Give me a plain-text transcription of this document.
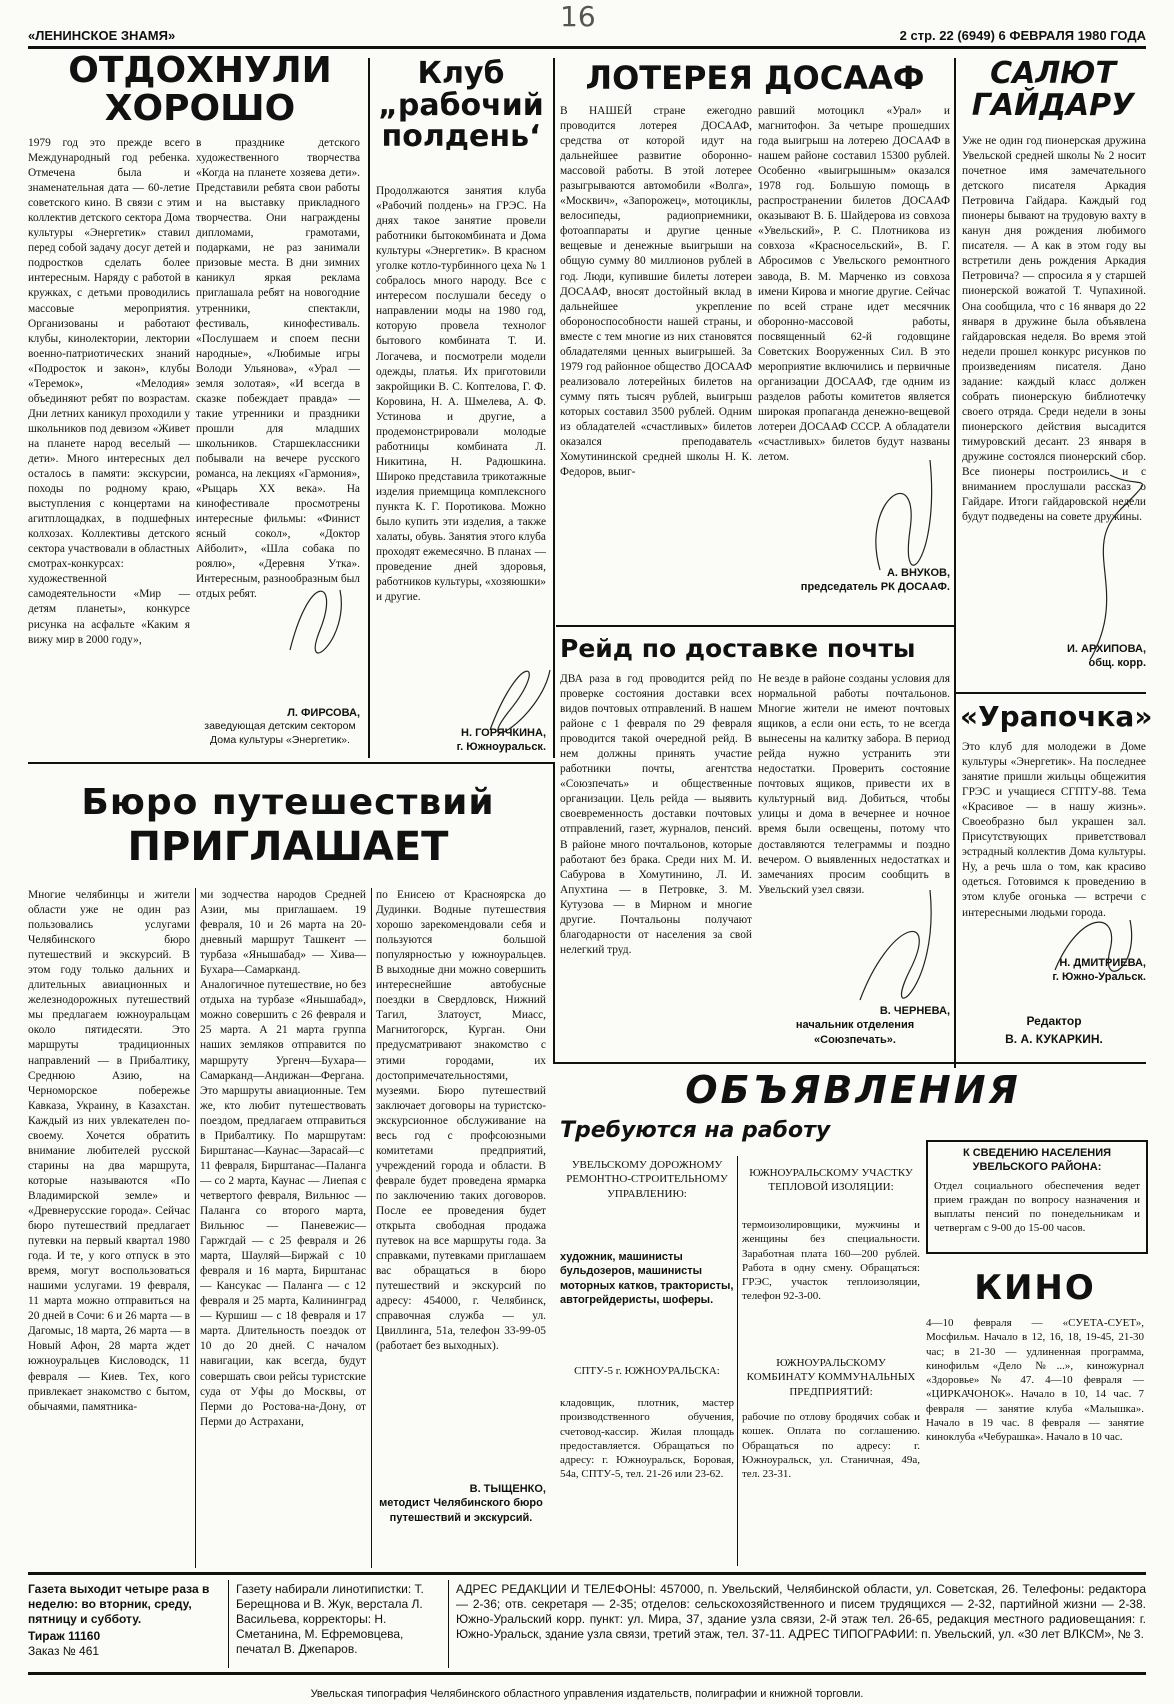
16
«ЛЕНИНСКОЕ ЗНАМЯ»	2 стр. 22 (6949) 6 ФЕВРАЛЯ 1980 ГОДА
ОТДОХНУЛИ
ХОРОШО
1979 год это прежде всего Международный год ребенка. Отмечена была и знаменательная дата — 60-летие советского кино. В связи с этим коллектив детского сектора Дома культуры «Энергетик» ставил перед собой задачу досуг детей и подростков сделать более интересным. Наряду с работой в кружках, с детьми проводились массовые мероприятия. Организованы и работают клубы, кинолектории, лектории военно-патриотических знаний «Подросток и закон», клубы «Теремок», «Мелодия» объединяют ребят по возрастам. Дни летних каникул проходили у школьников под девизом «Живет на планете народ веселый — дети». Много интересных дел осталось в памяти: экскурсии, походы по родному краю, выступления с концертами на агитплощадках, в подшефных колхозах. Коллективы детского сектора участвовали в областных смотрах-конкурсах: художественной самодеятельности «Мир — детям планеты», конкурсе рисунка на асфальте «Каким я вижу мир в 2000 году»,
в празднике детского художественного творчества «Когда на планете хозяева дети». Представили ребята свои работы и на выставку прикладного творчества. Они награждены дипломами, грамотами, подарками, не раз занимали призовые места. В дни зимних каникул яркая реклама приглашала ребят на новогодние утренники, спектакли, фестиваль, кинофестиваль. «Послушаем и споем песни народные», «Любимые игры Володи Ульянова», «Урал — земля золотая», «И всегда в сказке побеждает правда» — такие утренники и праздники прошли для младших школьников. Старшеклассники побывали на вечере русского романса, на лекциях «Гармония», «Рыцарь XX века». На кинофестивале просмотрены интересные фильмы: «Финист ясный сокол», «Доктор Айболит», «Шла собака по роялю», «Деревня Утка». Интересным, разнообразным был отдых ребят.
Л. ФИРСОВА,
заведующая детским сектором Дома культуры «Энергетик».
Клуб
„рабочий
полдень‘
Продолжаются занятия клуба «Рабочий полдень» на ГРЭС. На днях такое занятие провели работники бытокомбината и Дома культуры «Энергетик». В красном уголке котло-турбинного цеха № 1 собралось много народу. Все с интересом послушали беседу о направлении моды на 1980 год, которую провела технолог бытового комбината Т. И. Логачева, и посмотрели модели одежды, платья. Их приготовили закройщики В. С. Коптелова, Г. Ф. Коровина, Н. А. Шмелева, А. Ф. Устинова и другие, а продемонстрировали молодые работницы комбината Л. Никитина, Н. Радюшкина. Широко представила трикотажные изделия приемщица комплексного пункта К. Г. Поротикова. Можно было купить эти изделия, а также халаты, обувь. Занятия этого клуба проходят ежемесячно. В планах — проведение дней здоровья, работников культуры, «хозяюшки» и другие.
Н. ГОРЯЧКИНА,
г. Южноуральск.
ЛОТЕРЕЯ ДОСААФ
В НАШЕЙ стране ежегодно проводится лотерея ДОСААФ, средства от которой идут на дальнейшее развитие оборонно-массовой работы. В этой лотерее разыгрываются автомобили «Волга», «Москвич», «Запорожец», мотоциклы, велосипеды, радиоприемники, фотоаппараты и другие ценные вещевые и денежные выигрыши на общую сумму 80 миллионов рублей в год. Люди, купившие билеты лотереи ДОСААФ, вносят достойный вклад в дальнейшее укрепление обороноспособности нашей страны, и вместе с тем многие из них становятся обладателями ценных выигрышей. За 1979 год районное общество ДОСААФ реализовало лотерейных билетов на сумму пять тысяч рублей, выигрыш которых составил 3500 рублей. Одним из обладателей «счастливых» билетов оказался преподаватель Хомутининской средней школы Н. К. Федоров, выиг-
равший мотоцикл «Урал» и магнитофон. За четыре прошедших года выигрыш на лотерею ДОСААФ в нашем районе составил 15300 рублей. Особенно «выигрышным» оказался 1978 год. Большую помощь в распространении билетов ДОСААФ оказывают В. Б. Шайдерова из совхоза «Увельский», Р. С. Плотникова из совхоза «Красносельский», В. Г. Абросимов с Увельского ремонтного завода, В. М. Марченко из совхоза имени Кирова и многие другие. Сейчас по всей стране идет месячник оборонно-массовой работы, посвященный 62-й годовщине Советских Вооруженных Сил. В это мероприятие включились и первичные организации ДОСААФ, где одним из разделов работы комитетов является широкая пропаганда денежно-вещевой лотереи ДОСААФ СССР. А обладатели «счастливых» билетов будут названы летом.
А. ВНУКОВ,
председатель РК ДОСААФ.
САЛЮТ
ГАЙДАРУ
Уже не один год пионерская дружина Увельской средней школы № 2 носит почетное имя замечательного детского писателя Аркадия Петровича Гайдара. Каждый год пионеры бывают на трудовую вахту в канун дня рождения любимого писателя. — А как в этом году вы встретили день рождения Аркадия Петровича? — спросила я у старшей пионерской вожатой Т. Чупахиной. Она сообщила, что с 16 января до 22 января в дружине была объявлена гайдаровская неделя. Во время этой недели прошел конкурс рисунков по произведениям писателя. Дано задание: каждый класс должен собрать пионерскую библиотечку своего отряда. Среди недели в зоны пионерского действия высадится тимуровский десант. 23 января в дружине состоялся пионерский сбор. Все пионеры построились и с вниманием прослушали рассказ о Гайдаре. Итоги гайдаровской недели будут подведены на совете дружины.
И. АРХИПОВА,
общ. корр.
«Урапочка»
Это клуб для молодежи в Доме культуры «Энергетик». На последнее занятие пришли жильцы общежития ГРЭС и учащиеся СГПТУ-88. Тема «Красивое — в нашу жизнь». Своеобразно был украшен зал. Присутствующих приветствовал эстрадный коллектив Дома культуры. Ну, а речь шла о том, как красиво одеться. Готовимся к проведению в этом клубе огонька — встречи с интересными людьми города.
Н. ДМИТРИЕВА,
г. Южно-Уральск.
Редактор
В. А. КУКАРКИН.
Рейд по доставке почты
ДВА раза в год проводится рейд по проверке состояния доставки всех видов почтовых отправлений. В нашем районе с 1 февраля по 29 февраля проводится такой очередной рейд. В нем должны принять участие работники почты, агентства «Союзпечать» и общественные организации. Цель рейда — выявить своевременность доставки почтовых отправлений, газет, журналов, пенсий. В районе много почтальонов, которые работают без брака. Среди них М. И. Сабурова в Хомутинино, Л. И. Апухтина — в Петровке, З. М. Кутузова — в Мирном и многие другие. Почтальоны получают благодарности от населения за свой нелегкий труд.
Не везде в районе созданы условия для нормальной работы почтальонов. Многие жители не имеют почтовых ящиков, а если они есть, то не всегда вынесены на калитку забора. В период рейда нужно устранить эти недостатки. Проверить состояние почтовых ящиков, привести их в культурный вид. Добиться, чтобы улицы и дома в вечернее и ночное время были освещены, потому что доставляются телеграммы и поздно вечером. О выявленных недостатках и замечаниях просим сообщить в Увельский узел связи.
В. ЧЕРНЕВА,
начальник отделения «Союзпечать».
Бюро путешествий
ПРИГЛАШАЕТ
Многие челябинцы и жители области уже не один раз пользовались услугами Челябинского бюро путешествий и экскурсий. В этом году только дальних и длительных авиационных и железнодорожных путешествий мы предлагаем южноуральцам около пятидесяти. Это маршруты традиционных направлений — в Прибалтику, Среднюю Азию, на Черноморское побережье Кавказа, Украину, в Казахстан. Каждый из них увлекателен по-своему. Хочется обратить внимание любителей русской старины на два маршрута, которые называются «По Владимирской земле» и «Древнерусские города». Сейчас бюро путешествий предлагает путевки на первый квартал 1980 года. И те, у кого отпуск в это время, могут воспользоваться нашими услугами. 19 февраля, 11 марта можно отправиться на 20 дней в Сочи: 6 и 26 марта — в Дагомыс, 18 марта, 26 марта — в Новый Афон, 28 марта ждет южноуральцев Кисловодск, 11 февраля — Киев. Тех, кого привлекает знакомство с бытом, обычаями, памятника-
ми зодчества народов Средней Азии, мы приглашаем. 19 февраля, 10 и 26 марта на 20-дневный маршрут Ташкент — турбаза «Янышабад» — Хива—Бухара—Самарканд. Аналогичное путешествие, но без отдыха на турбазе «Янышабад», можно совершить с 26 февраля и 25 марта. А 21 марта группа наших земляков отправится по маршруту Ургенч—Бухара—Самарканд—Андижан—Фергана. Это маршруты авиационные. Тем же, кто любит путешествовать поездом, предлагаем отправиться в Прибалтику. По маршрутам: Бирштанас—Каунас—Зарасай—с 11 февраля, Бирштанас—Паланга — со 2 марта, Каунас — Лиепая с четвертого февраля, Вильнюс — Паланга со второго марта, Вильнюс — Паневежис—Гаржгдай — с 25 февраля и 26 марта, Шауляй—Биржай с 10 февраля и 16 марта, Бирштанас — Кансукас — Паланга — с 12 февраля и 25 марта, Калининград — Куршиш — с 18 февраля и 17 марта. Длительность поездок от 10 до 20 дней. С началом навигации, как всегда, будут совершать свои рейсы туристские суда от Уфы до Москвы, от Перми до Ростова-на-Дону, от Перми до Астрахани,
по Енисею от Красноярска до Дудинки. Водные путешествия хорошо зарекомендовали себя и пользуются большой популярностью у южноуральцев. В выходные дни можно совершить интереснейшие автобусные поездки в Свердловск, Нижний Тагил, Златоуст, Миасс, Магнитогорск, Курган. Они предусматривают знакомство с этими городами, их достопримечательностями, музеями. Бюро путешествий заключает договоры на туристско-экскурсионное обслуживание на весь год с профсоюзными комитетами предприятий, учреждений города и области. В феврале будет проведена ярмарка по заключению таких договоров. После ее проведения будет открыта свободная продажа путевок на все маршруты года. За справками, путевками приглашаем вас обращаться в бюро путешествий и экскурсий по адресу: 454000, г. Челябинск, справочная служба — ул. Цвиллинга, 51а, телефон 33-99-05 (работает без выходных).
В. ТЫЩЕНКО,
методист Челябинского бюро путешествий и экскурсий.
ОБЪЯВЛЕНИЯ
Требуются на работу
УВЕЛЬСКОМУ ДОРОЖНОМУ РЕМОНТНО-СТРОИТЕЛЬНОМУ УПРАВЛЕНИЮ:
художник, машинисты бульдозеров, машинисты моторных катков, трактористы, автогрейдеристы, шоферы.
СПТУ-5 г. ЮЖНОУРАЛЬСКА:
кладовщик, плотник, мастер производственного обучения, счетовод-кассир. Жилая площадь предоставляется. Обращаться по адресу: г. Южноуральск, Боровая, 54а, СПТУ-5, тел. 21-26 или 23-62.
ЮЖНОУРАЛЬСКОМУ УЧАСТКУ ТЕПЛОВОЙ ИЗОЛЯЦИИ:
термоизолировщики, мужчины и женщины без специальности. Заработная плата 160—200 рублей. Работа в одну смену. Обращаться: ГРЭС, участок теплоизоляции, телефон 92-3-00.
ЮЖНОУРАЛЬСКОМУ КОМБИНАТУ КОММУНАЛЬНЫХ ПРЕДПРИЯТИЙ:
рабочие по отлову бродячих собак и кошек. Оплата по соглашению. Обращаться по адресу: г. Южноуральск, ул. Станичная, 49а, тел. 23-31.
К СВЕДЕНИЮ НАСЕЛЕНИЯ УВЕЛЬСКОГО РАЙОНА:
Отдел социального обеспечения ведет прием граждан по вопросу назначения и выплаты пенсий по понедельникам и четвергам с 9-00 до 15-00 часов.
КИНО
4—10 февраля — «СУЕТА-СУЕТ», Мосфильм. Начало в 12, 16, 18, 19-45, 21-30 час; в 21-30 — удлиненная программа, кинофильм «Дело №...», киножурнал «Здоровье» № 47. 4—10 февраля — «ЦИРКАЧОНОК». Начало в 10, 14 час. 7 февраля — занятие клуба «Малышка». Начало в 19 час. 8 февраля — занятие киноклуба «Чебурашка». Начало в 10 час.
Газета выходит четыре раза в неделю: во вторник, среду, пятницу и субботу.
Тираж 11160
Заказ № 461
Газету набирали линотипистки: Т. Берещнова и В. Жук, верстала Л. Васильева, корректоры: Н. Сметанина, М. Ефремовцева, печатал В. Джепаров.
АДРЕС РЕДАКЦИИ И ТЕЛЕФОНЫ: 457000, п. Увельский, Челябинской области, ул. Советская, 26. Телефоны: редактора — 2-36; отв. секретаря — 2-35; отделов: сельскохозяйственного и писем трудящихся — 2-32, партийной жизни — 2-38. Южно-Уральский корр. пункт: ул. Мира, 37, здание узла связи, 2-й этаж тел. 26-65, редакция местного радиовещания: г. Южно-Уральск, здание узла связи, третий этаж, тел. 37-11. АДРЕС ТИПОГРАФИИ: п. Увельский, ул. «30 лет ВЛКСМ», № 3.
Увельская типография Челябинского областного управления издательств, полиграфии и книжной торговли.
